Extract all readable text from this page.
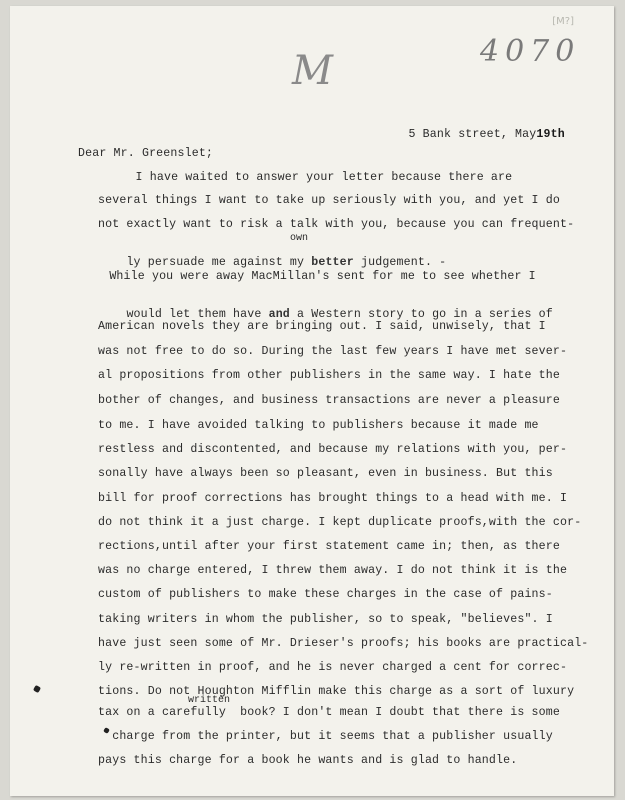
[M?]
4070
M

5 Bank street, May19th

Dear Mr. Greenslet;
I have waited to answer your letter because there are
several things I want to take up seriously with you, and yet I do
not exactly want to risk a talk with you, because you can frequent-
own

ly persuade me against my better judgement. -

While you were away MacMillan's sent for me to see whether I

would let them have and a Western story to go in a series of

American novels they are bringing out. I said, unwisely, that I
was not free to do so. During the last few years I have met sever-
al propositions from other publishers in the same way. I hate the
bother of changes, and business transactions are never a pleasure
to me. I have avoided talking to publishers because it made me
restless and discontented, and because my relations with you, per-
sonally have always been so pleasant, even in business. But this
bill for proof corrections has brought things to a head with me. I
do not think it a just charge. I kept duplicate proofs,with the cor-
rections,until after your first statement came in; then, as there
was no charge entered, I threw them away. I do not think it is the
custom of publishers to make these charges in the case of pains-
taking writers in whom the publisher, so to speak, "believes". I
have just seen some of Mr. Drieser's proofs; his books are practical-
ly re-written in proof, and he is never charged a cent for correc-
tions. Do not Houghton Mifflin make this charge as a sort of luxury
written
tax on a carefully  book? I don't mean I doubt that there is some
charge from the printer, but it seems that a publisher usually
pays this charge for a book he wants and is glad to handle.
